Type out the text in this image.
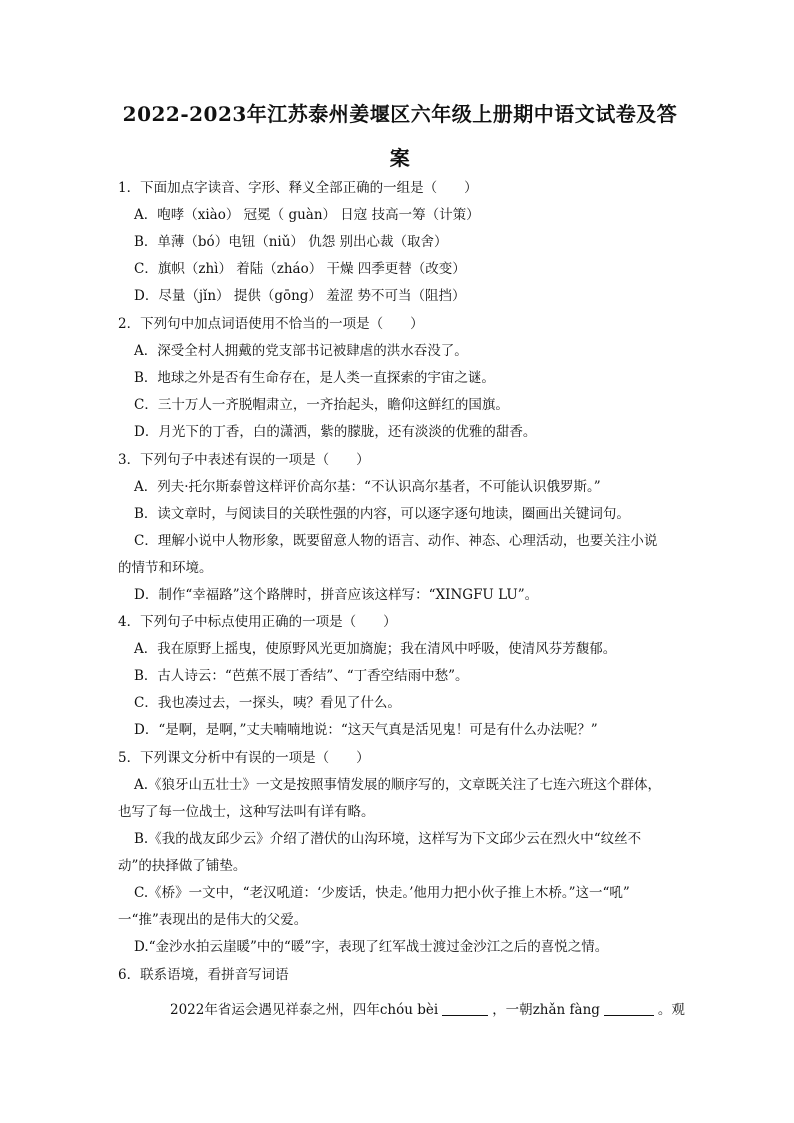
2022-2023年江苏泰州姜堰区六年级上册期中语文试卷及答
案
1．下面加点字读音、字形、释义全部正确的一组是（　　）
A．咆哮（xiào） 冠冕（ guàn） 日寇 技高一筹（计策）
B．单薄（bó）电钮（niǔ） 仇怨 别出心裁（取舍）
C．旗帜（zhì） 着陆（zháo） 干燥 四季更替（改变）
D．尽量（jǐn） 提供（gōng） 羞涩 势不可当（阻挡）
2．下列句中加点词语使用不恰当的一项是（　　）
A．深受全村人拥戴的党支部书记被肆虐的洪水吞没了。
B．地球之外是否有生命存在，是人类一直探索的宇宙之谜。
C．三十万人一齐脱帽肃立，一齐抬起头，瞻仰这鲜红的国旗。
D．月光下的丁香，白的潇洒，紫的朦胧，还有淡淡的优雅的甜香。
3．下列句子中表述有误的一项是（　　）
A．列夫·托尔斯泰曾这样评价高尔基：“不认识高尔基者，不可能认识俄罗斯。”
B．读文章时，与阅读目的关联性强的内容，可以逐字逐句地读，圈画出关键词句。
C．理解小说中人物形象，既要留意人物的语言、动作、神态、心理活动，也要关注小说
的情节和环境。
D．制作“幸福路”这个路牌时，拼音应该这样写：“XINGFU LU”。
4．下列句子中标点使用正确的一项是（　　）
A．我在原野上摇曳，使原野风光更加旖旎；我在清风中呼吸，使清风芬芳馥郁。
B．古人诗云：“芭蕉不展丁香结”、“丁香空结雨中愁”。
C．我也凑过去，一探头，咦？看见了什么。
D．“是啊，是啊，”丈夫喃喃地说：“这天气真是活见鬼！可是有什么办法呢？”
5．下列课文分析中有误的一项是（　　）
A.《狼牙山五壮士》一文是按照事情发展的顺序写的，文章既关注了七连六班这个群体，
也写了每一位战士，这种写法叫有详有略。
B.《我的战友邱少云》介绍了潜伏的山沟环境，这样写为下文邱少云在烈火中“纹丝不
动”的抉择做了铺垫。
C.《桥》一文中，“老汉吼道：‘少废话，快走。’他用力把小伙子推上木桥。”这一“吼”
一“推”表现出的是伟大的父爱。
D.“金沙水拍云崖暖”中的“暖”字，表现了红军战士渡过金沙江之后的喜悦之情。
6．联系语境，看拼音写词语
2022年省运会遇见祥泰之州，四年chóu bèi	，一朝zhǎn fàng	。观
